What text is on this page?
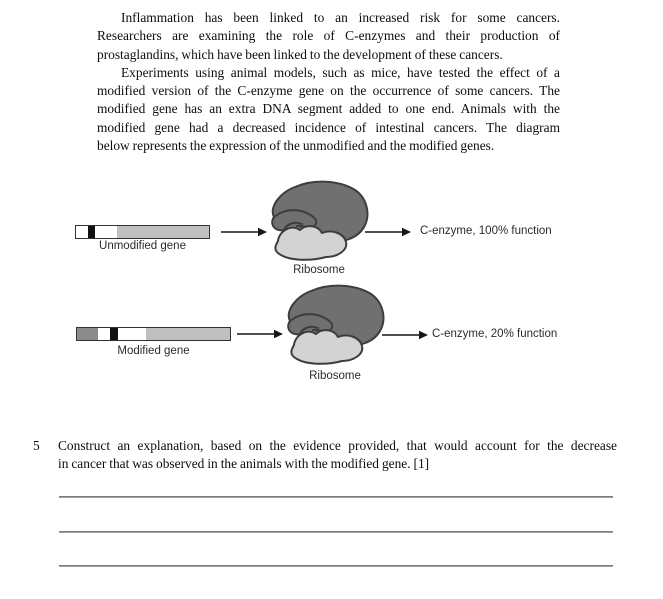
Inflammation has been linked to an increased risk for some cancers.
Researchers are examining the role of C-enzymes and their production of
prostaglandins, which have been linked to the development of these cancers.
Experiments using animal models, such as mice, have tested the effect of a
modified version of the C-enzyme gene on the occurrence of some cancers. The
modified gene has an extra DNA segment added to one end. Animals with the
modified gene had a decreased incidence of intestinal cancers. The diagram
below represents the expression of the unmodified and the modified genes.
Unmodified gene
Ribosome
C-enzyme, 100% function
Modified gene
Ribosome
C-enzyme, 20% function
5 Construct an explanation, based on the evidence provided, that would account for the decrease
in cancer that was observed in the animals with the modified gene. [1]
